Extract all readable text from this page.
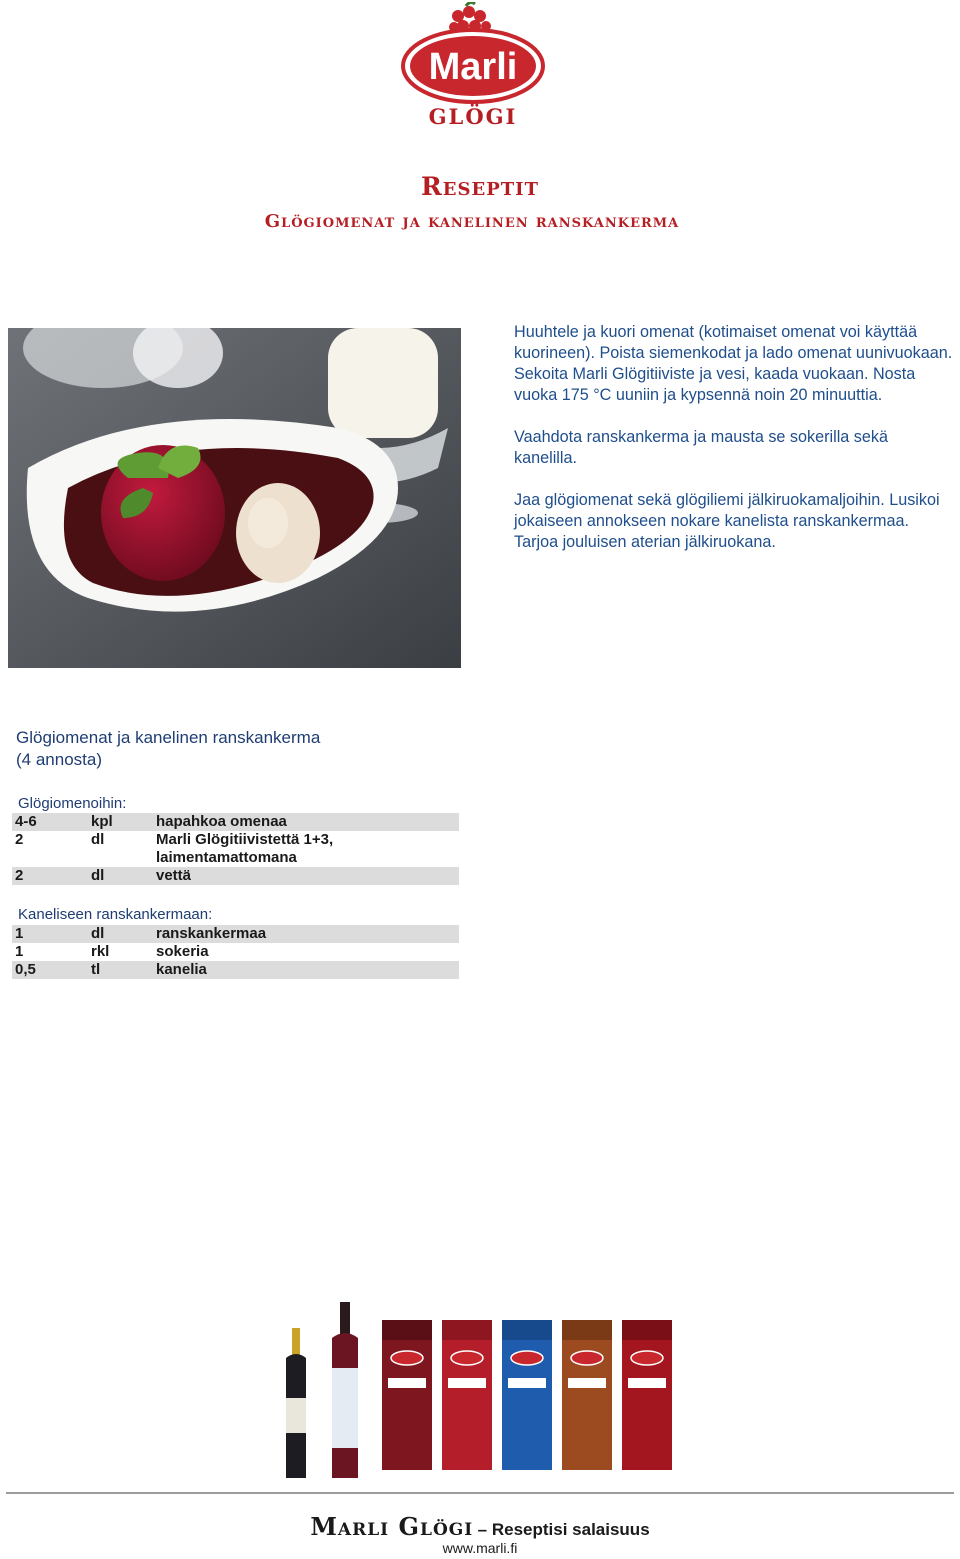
Marli
GLÖGI
Reseptit
Glögiomenat ja kanelinen ranskankerma

Huuhtele ja kuori omenat (kotimaiset omenat voi käyttää kuorineen). Poista siemenkodat ja lado omenat uunivuokaan. Sekoita Marli Glögitiiviste ja vesi, kaada vuokaan. Nosta vuoka 175 °C uuniin ja kypsennä noin 20 minuuttia.

Vaahdota ranskankerma ja mausta se sokerilla sekä kanelilla.

Jaa glögiomenat sekä glögiliemi jälkiruokamaljoihin. Lusikoi jokaiseen annokseen nokare kanelista ranskankermaa. Tarjoa jouluisen aterian jälkiruokana.

Glögiomenat ja kanelinen ranskankerma
(4 annosta)
Glögiomenoihin:
4-6	kpl	hapahkoa omenaa
2	dl	Marli Glögitiivistettä 1+3,
laimentamattomana
2	dl	vettä
Kaneliseen ranskankermaan:
1	dl	ranskankermaa
1	rkl	sokeria
0,5	tl	kanelia
Marli Glögi – Reseptisi salaisuus
www.marli.fi
